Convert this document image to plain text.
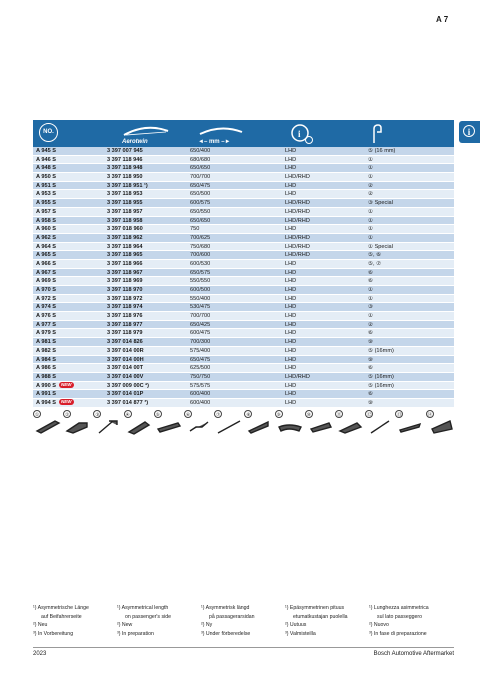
A 7
i
NO.
Aerotwin	◄– mm –►
i
A 945 S	3 397 007 945	650/400	LHD	⑤ (16 mm)
A 946 S	3 397 118 946	680/680	LHD	①
A 948 S	3 397 118 948	650/650	LHD	①
A 950 S	3 397 118 950	700/700	LHD/RHD	①
A 951 S	3 397 118 951 ¹)	650/475	LHD	②
A 953 S	3 397 118 953	650/500	LHD	②
A 955 S	3 397 118 955	600/575	LHD/RHD	③ Special
A 957 S	3 397 118 957	650/550	LHD/RHD	①
A 958 S	3 397 118 958	650/650	LHD/RHD	①
A 960 S	3 397 018 960	750	LHD	①
A 962 S	3 397 118 962	700/625	LHD/RHD	①
A 964 S	3 397 118 964	750/680	LHD/RHD	① Special
A 965 S	3 397 118 965	700/600	LHD/RHD	⑤, ⑥
A 966 S	3 397 118 966	600/530	LHD	⑤, ⑦
A 967 S	3 397 118 967	650/575	LHD	⑥
A 969 S	3 397 118 969	550/550	LHD	⑥
A 970 S	3 397 118 970	600/500	LHD	①
A 972 S	3 397 118 972	550/400	LHD	①
A 974 S	3 397 118 974	530/475	LHD	③
A 976 S	3 397 118 976	700/700	LHD	①
A 977 S	3 397 118 977	650/425	LHD	②
A 979 S	3 397 118 979	600/475	LHD	⑥
A 981 S	3 397 014 826	700/300	LHD	⑨
A 982 S	3 397 014 00R	575/400	LHD	⑤ (16mm)
A 984 S	3 397 014 00H	650/475	LHD	⑨
A 986 S	3 397 014 00T	625/500	LHD	⑥
A 988 S	3 397 014 00V	750/750	LHD/RHD	⑤ (16mm)
A 990 S NEW	3 397 009 00C ²)	575/575	LHD	⑤ (16mm)
A 991 S	3 397 014 01P	600/400	LHD	⑥
A 994 S NEW	3 397 014 877 ³)	600/400	LHD	⑨
①	②	③	④	⑤	⑥	⑦	⑧	⑨	⑩	⑪	⑫	⑬	⑭
¹) Asymmetrische Länge
auf Beifahrerseite
²) Neu
³) In Vorbereitung
¹) Asymmetrical length
on passenger's side
²) New
³) In preparation
¹) Asymmetrisk längd
på passagerarsidan
²) Ny
³) Under förberedelse
¹) Epäsymmetrinen pituus
etumatkustajan puolella
²) Uutuus
³) Valmisteilla
¹) Lunghezza asimmetrica
sul lato passeggero
²) Nuovo
³) In fase di preparazione
2023	Bosch Automotive Aftermarket
